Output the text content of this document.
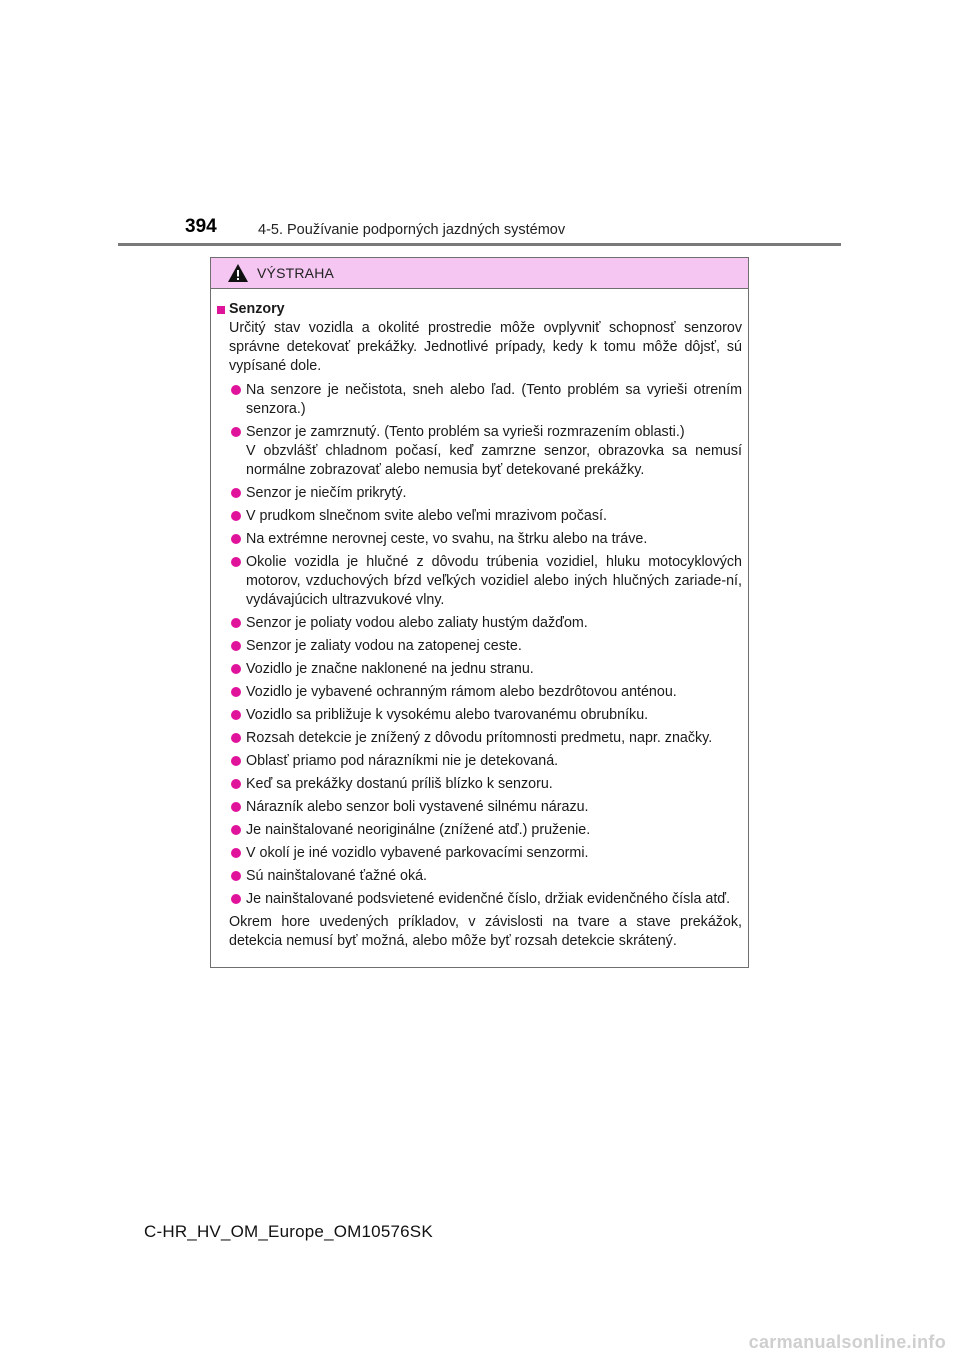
394	4-5. Používanie podporných jazdných systémov
VÝSTRAHA
Senzory

Určitý stav vozidla a okolité prostredie môže ovplyvniť schopnosť senzorov správne detekovať prekážky. Jednotlivé prípady, kedy k tomu môže dôjsť, sú vypísané dole.

Na senzore je nečistota, sneh alebo ľad. (Tento problém sa vyrieši otrením senzora.)
Senzor je zamrznutý. (Tento problém sa vyrieši rozmrazením oblasti.)
V obzvlášť chladnom počasí, keď zamrzne senzor, obrazovka sa nemusí normálne zobrazovať alebo nemusia byť detekované prekážky.
Senzor je niečím prikrytý.
V prudkom slnečnom svite alebo veľmi mrazivom počasí.
Na extrémne nerovnej ceste, vo svahu, na štrku alebo na tráve.
Okolie vozidla je hlučné z dôvodu trúbenia vozidiel, hluku motocyklových motorov, vzduchových bŕzd veľkých vozidiel alebo iných hlučných zariade-ní, vydávajúcich ultrazvukové vlny.
Senzor je poliaty vodou alebo zaliaty hustým dažďom.
Senzor je zaliaty vodou na zatopenej ceste.
Vozidlo je značne naklonené na jednu stranu.
Vozidlo je vybavené ochranným rámom alebo bezdrôtovou anténou.
Vozidlo sa približuje k vysokému alebo tvarovanému obrubníku.
Rozsah detekcie je znížený z dôvodu prítomnosti predmetu, napr. značky.
Oblasť priamo pod nárazníkmi nie je detekovaná.
Keď sa prekážky dostanú príliš blízko k senzoru.
Nárazník alebo senzor boli vystavené silnému nárazu.
Je nainštalované neoriginálne (znížené atď.) pruženie.
V okolí je iné vozidlo vybavené parkovacími senzormi.
Sú nainštalované ťažné oká.
Je nainštalované podsvietené evidenčné číslo, držiak evidenčného čísla atď.

Okrem hore uvedených príkladov, v závislosti na tvare a stave prekážok, detekcia nemusí byť možná, alebo môže byť rozsah detekcie skrátený.

C-HR_HV_OM_Europe_OM10576SK
carmanualsonline.info
